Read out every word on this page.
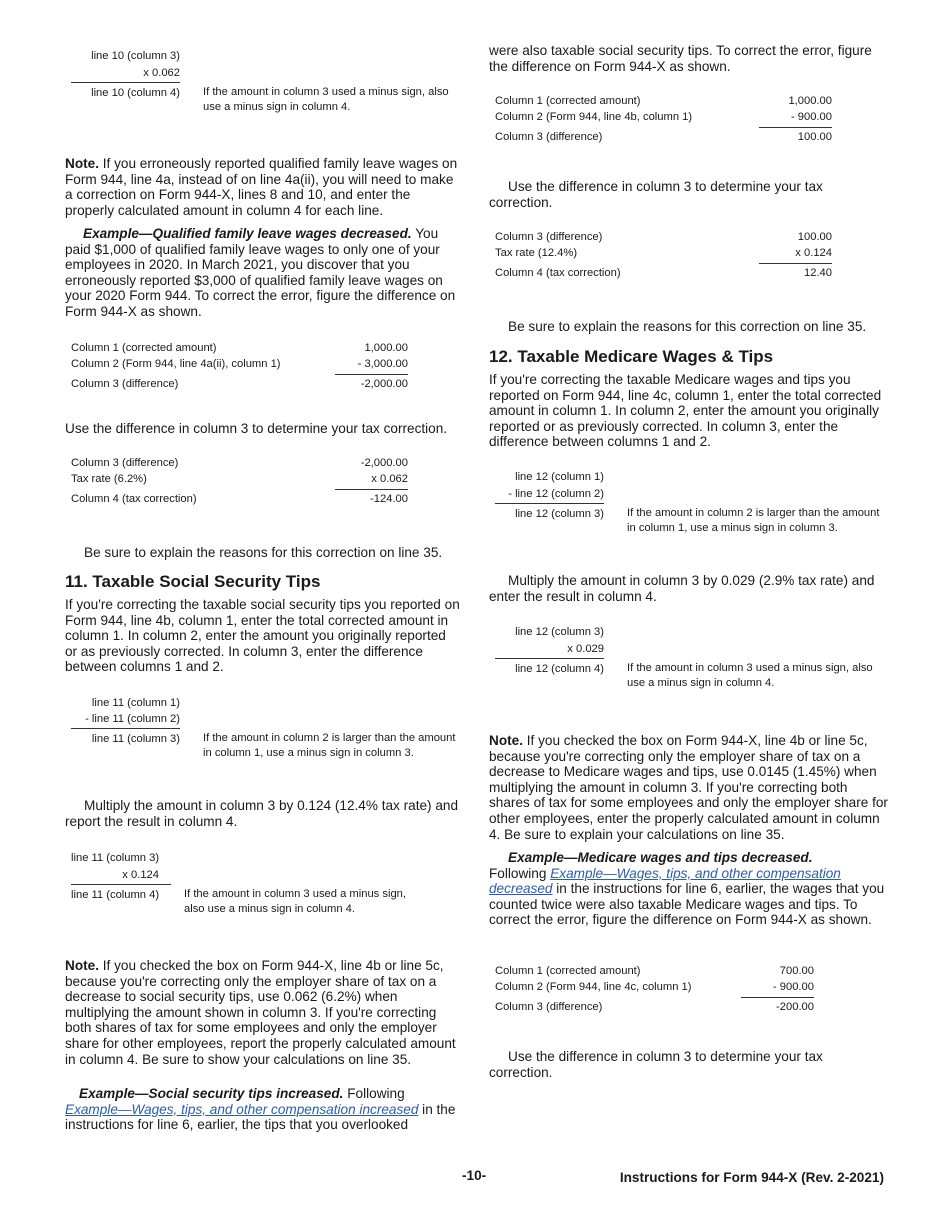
line 10 (column 3)
x 0.062
line 10 (column 4) If the amount in column 3 used a minus sign, also use a minus sign in column 4.

Note. If you erroneously reported qualified family leave wages on Form 944, line 4a, instead of on line 4a(ii), you will need to make a correction on Form 944-X, lines 8 and 10, and enter the properly calculated amount in column 4 for each line.

Example—Qualified family leave wages decreased. You paid $1,000 of qualified family leave wages to only one of your employees in 2020. In March 2021, you discover that you erroneously reported $3,000 of qualified family leave wages on your 2020 Form 944. To correct the error, figure the difference on Form 944-X as shown.

Column 1 (corrected amount)	1,000.00
Column 2 (Form 944, line 4a(ii), column 1)	- 3,000.00
Column 3 (difference)	-2,000.00

Use the difference in column 3 to determine your tax correction.

Column 3 (difference)	-2,000.00
Tax rate (6.2%)	x 0.062
Column 4 (tax correction)	-124.00

Be sure to explain the reasons for this correction on line 35.

11. Taxable Social Security Tips

If you're correcting the taxable social security tips you reported on Form 944, line 4b, column 1, enter the total corrected amount in column 1. In column 2, enter the amount you originally reported or as previously corrected. In column 3, enter the difference between columns 1 and 2.

line 11 (column 1)
- line 11 (column 2)
line 11 (column 3) If the amount in column 2 is larger than the amount in column 1, use a minus sign in column 3.

Multiply the amount in column 3 by 0.124 (12.4% tax rate) and report the result in column 4.

line 11 (column 3)
x 0.124
line 11 (column 4) If the amount in column 3 used a minus sign, also use a minus sign in column 4.

Note. If you checked the box on Form 944-X, line 4b or line 5c, because you're correcting only the employer share of tax on a decrease to social security tips, use 0.062 (6.2%) when multiplying the amount shown in column 3. If you're correcting both shares of tax for some employees and only the employer share for other employees, report the properly calculated amount in column 4. Be sure to show your calculations on line 35.

Example—Social security tips increased. Following Example—Wages, tips, and other compensation increased in the instructions for line 6, earlier, the tips that you overlooked

were also taxable social security tips. To correct the error, figure the difference on Form 944-X as shown.

Column 1 (corrected amount)	1,000.00
Column 2 (Form 944, line 4b, column 1)	- 900.00
Column 3 (difference)	100.00

Use the difference in column 3 to determine your tax correction.

Column 3 (difference)	100.00
Tax rate (12.4%)	x 0.124
Column 4 (tax correction)	12.40

Be sure to explain the reasons for this correction on line 35.

12. Taxable Medicare Wages & Tips

If you're correcting the taxable Medicare wages and tips you reported on Form 944, line 4c, column 1, enter the total corrected amount in column 1. In column 2, enter the amount you originally reported or as previously corrected. In column 3, enter the difference between columns 1 and 2.

line 12 (column 1)
- line 12 (column 2)
line 12 (column 3) If the amount in column 2 is larger than the amount in column 1, use a minus sign in column 3.

Multiply the amount in column 3 by 0.029 (2.9% tax rate) and enter the result in column 4.

line 12 (column 3)
x 0.029
line 12 (column 4) If the amount in column 3 used a minus sign, also use a minus sign in column 4.

Note. If you checked the box on Form 944-X, line 4b or line 5c, because you're correcting only the employer share of tax on a decrease to Medicare wages and tips, use 0.0145 (1.45%) when multiplying the amount in column 3. If you're correcting both shares of tax for some employees and only the employer share for other employees, enter the properly calculated amount in column 4. Be sure to explain your calculations on line 35.

Example—Medicare wages and tips decreased.
Following Example—Wages, tips, and other compensation decreased in the instructions for line 6, earlier, the wages that you counted twice were also taxable Medicare wages and tips. To correct the error, figure the difference on Form 944-X as shown.

Column 1 (corrected amount)	700.00
Column 2 (Form 944, line 4c, column 1)	- 900.00
Column 3 (difference)	-200.00

Use the difference in column 3 to determine your tax correction.

-10-	Instructions for Form 944-X (Rev. 2-2021)
